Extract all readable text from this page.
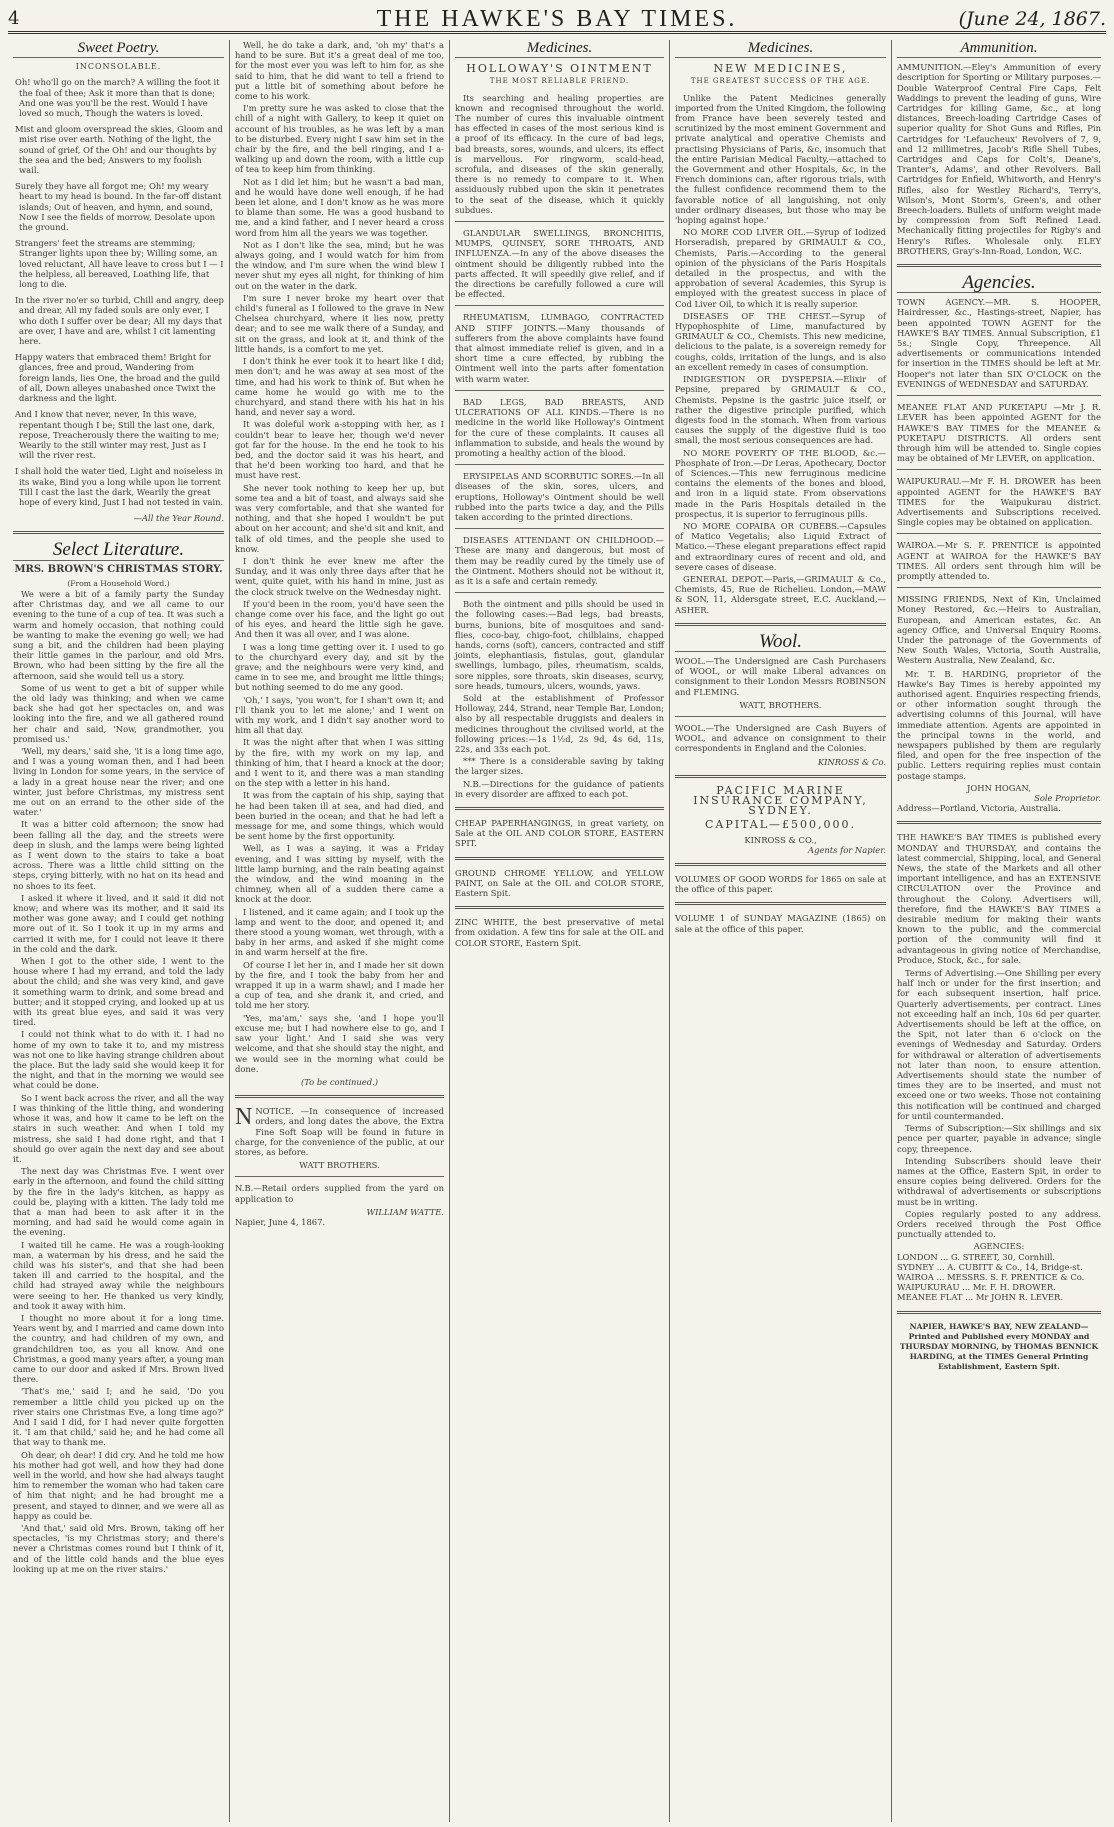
4	THE HAWKE'S BAY TIMES.	(June 24, 1867.
Sweet Poetry.
INCONSOLABLE.

Oh! who'll go on the march? A willing the foot it the foal of thee; Ask it more than that is done; And one was you'll be the rest. Would I have loved so much, Though the waters is loved.

Mist and gloom overspread the skies, Gloom and mist rise over earth. Nothing of the light, the sound of grief, Of the Oh! and our thoughts by the sea and the bed; Answers to my foolish wail.

Surely they have all forgot me; Oh! my weary heart to my head is bound. In the far-off distant islands; Out of heaven, and hymn, and sound, Now I see the fields of morrow, Desolate upon the ground.

Strangers' feet the streams are stemming; Stranger lights upon thee by; Willing some, an loved reluctant, All have leave to cross but I — I the helpless, all bereaved, Loathing life, that long to die.

In the river no'er so turbid, Chill and angry, deep and drear, All my faded souls are only ever, I who doth I suffer over be dear; All my days that are over, I have and are, whilst I cit lamenting here.

Happy waters that embraced them! Bright for glances, free and proud, Wandering from foreign lands, lies One, the broad and the guild of all, Down alleyes unabashed once Twixt the darkness and the light.

And I know that never, never, In this wave, repentant though I be; Still the last one, dark, repose, Treacherously there the waiting to me; Wearily to the still winter may rest, Just as I will the river rest.

I shall hold the water tied, Light and noiseless in its wake, Bind you a long while upon lie torrent Till I cast the last the dark, Wearily the great hope of every kind, Just I had not tested in vain.

—All the Year Round.
Select Literature.
MRS. BROWN'S CHRISTMAS STORY.
(From a Household Word.)

We were a bit of a family party the Sunday after Christmas day, and we all came to our evening to the tune of a cup of tea. It was such a warm and homely occasion, that nothing could be wanting to make the evening go well; we had sung a bit, and the children had been playing their little games in the parlour, and old Mrs. Brown, who had been sitting by the fire all the afternoon, said she would tell us a story.

Some of us went to get a bit of supper while the old lady was thinking; and when we came back she had got her spectacles on, and was looking into the fire, and we all gathered round her chair and said, 'Now, grandmother, you promised us.'

'Well, my dears,' said she, 'it is a long time ago, and I was a young woman then, and I had been living in London for some years, in the service of a lady in a great house near the river; and one winter, just before Christmas, my mistress sent me out on an errand to the other side of the water.'

It was a bitter cold afternoon; the snow had been falling all the day, and the streets were deep in slush, and the lamps were being lighted as I went down to the stairs to take a boat across. There was a little child sitting on the steps, crying bitterly, with no hat on its head and no shoes to its feet.

I asked it where it lived, and it said it did not know; and where was its mother, and it said its mother was gone away; and I could get nothing more out of it. So I took it up in my arms and carried it with me, for I could not leave it there in the cold and the dark.

When I got to the other side, I went to the house where I had my errand, and told the lady about the child; and she was very kind, and gave it something warm to drink, and some bread and butter; and it stopped crying, and looked up at us with its great blue eyes, and said it was very tired.

I could not think what to do with it. I had no home of my own to take it to, and my mistress was not one to like having strange children about the place. But the lady said she would keep it for the night, and that in the morning we would see what could be done.

So I went back across the river, and all the way I was thinking of the little thing, and wondering whose it was, and how it came to be left on the stairs in such weather. And when I told my mistress, she said I had done right, and that I should go over again the next day and see about it.

The next day was Christmas Eve. I went over early in the afternoon, and found the child sitting by the fire in the lady's kitchen, as happy as could be, playing with a kitten. The lady told me that a man had been to ask after it in the morning, and had said he would come again in the evening.

I waited till he came. He was a rough-looking man, a waterman by his dress, and he said the child was his sister's, and that she had been taken ill and carried to the hospital, and the child had strayed away while the neighbours were seeing to her. He thanked us very kindly, and took it away with him.

I thought no more about it for a long time. Years went by, and I married and came down into the country, and had children of my own, and grandchildren too, as you all know. And one Christmas, a good many years after, a young man came to our door and asked if Mrs. Brown lived there.

'That's me,' said I; and he said, 'Do you remember a little child you picked up on the river stairs one Christmas Eve, a long time ago?' And I said I did, for I had never quite forgotten it. 'I am that child,' said he; and he had come all that way to thank me.

Oh dear, oh dear! I did cry. And he told me how his mother had got well, and how they had done well in the world, and how she had always taught him to remember the woman who had taken care of him that night; and he had brought me a present, and stayed to dinner, and we were all as happy as could be.

'And that,' said old Mrs. Brown, taking off her spectacles, 'is my Christmas story; and there's never a Christmas comes round but I think of it, and of the little cold hands and the blue eyes looking up at me on the river stairs.'

Well, he do take a dark, and, 'oh my' that's a hand to be sure. But it's a great deal of me too, for the most ever you was left to him for, as she said to him, that he did want to tell a friend to put a little bit of something about before he come to his work.

I'm pretty sure he was asked to close that the chill of a night with Gallery, to keep it quiet on account of his troubles, as he was left by a man to be disturbed. Every night I saw him set in the chair by the fire, and the bell ringing, and I a-walking up and down the room, with a little cup of tea to keep him from thinking.

Not as I did let him; but he wasn't a bad man, and he would have done well enough, if he had been let alone, and I don't know as he was more to blame than some. He was a good husband to me, and a kind father, and I never heard a cross word from him all the years we was together.

Not as I don't like the sea, mind; but he was always going, and I would watch for him from the window, and I'm sure when the wind blew I never shut my eyes all night, for thinking of him out on the water in the dark.

I'm sure I never broke my heart over that child's funeral as I followed to the grave in New Chelsea churchyard, where it lies now, pretty dear; and to see me walk there of a Sunday, and sit on the grass, and look at it, and think of the little hands, is a comfort to me yet.

I don't think he ever took it to heart like I did; men don't; and he was away at sea most of the time, and had his work to think of. But when he came home he would go with me to the churchyard, and stand there with his hat in his hand, and never say a word.

It was doleful work a-stopping with her, as I couldn't bear to leave her, though we'd never got far for the house. In the end he took to his bed, and the doctor said it was his heart, and that he'd been working too hard, and that he must have rest.

She never took nothing to keep her up, but some tea and a bit of toast, and always said she was very comfortable, and that she wanted for nothing, and that she hoped I wouldn't be put about on her account; and she'd sit and knit, and talk of old times, and the people she used to know.

I don't think he ever knew me after the Sunday, and it was only three days after that he went, quite quiet, with his hand in mine, just as the clock struck twelve on the Wednesday night.

If you'd been in the room, you'd have seen the change come over his face, and the light go out of his eyes, and heard the little sigh he gave. And then it was all over, and I was alone.

I was a long time getting over it. I used to go to the churchyard every day, and sit by the grave; and the neighbours were very kind, and came in to see me, and brought me little things; but nothing seemed to do me any good.

'Oh,' I says, 'you won't, for I shan't own it; and I'll thank you to let me alone;' and I went on with my work, and I didn't say another word to him all that day.

It was the night after that when I was sitting by the fire, with my work on my lap, and thinking of him, that I heard a knock at the door; and I went to it, and there was a man standing on the step with a letter in his hand.

It was from the captain of his ship, saying that he had been taken ill at sea, and had died, and been buried in the ocean; and that he had left a message for me, and some things, which would be sent home by the first opportunity.

Well, as I was a saying, it was a Friday evening, and I was sitting by myself, with the little lamp burning, and the rain beating against the window, and the wind moaning in the chimney, when all of a sudden there came a knock at the door.

I listened, and it came again; and I took up the lamp and went to the door, and opened it; and there stood a young woman, wet through, with a baby in her arms, and asked if she might come in and warm herself at the fire.

Of course I let her in, and I made her sit down by the fire, and I took the baby from her and wrapped it up in a warm shawl; and I made her a cup of tea, and she drank it, and cried, and told me her story.

'Yes, ma'am,' says she, 'and I hope you'll excuse me; but I had nowhere else to go, and I saw your light.' And I said she was very welcome, and that she should stay the night, and we would see in the morning what could be done.

(To be continued.)

NNOTICE. —In consequence of increased orders, and long dates the above, the Extra Fine Soft Soap will be found in future in charge, for the convenience of the public, at our stores, as before.
WATT BROTHERS.
N.B.—Retail orders supplied from the yard on application to
WILLIAM WATTE.
Napier, June 4, 1867.
Medicines.
HOLLOWAY'S OINTMENT
THE MOST RELIABLE FRIEND.

Its searching and healing properties are known and recognised throughout the world. The number of cures this invaluable ointment has effected in cases of the most serious kind is a proof of its efficacy. In the cure of bad legs, bad breasts, sores, wounds, and ulcers, its effect is marvellous. For ringworm, scald-head, scrofula, and diseases of the skin generally, there is no remedy to compare to it. When assiduously rubbed upon the skin it penetrates to the seat of the disease, which it quickly subdues.

GLANDULAR SWELLINGS, BRONCHITIS, MUMPS, QUINSEY, SORE THROATS, AND INFLUENZA.—In any of the above diseases the ointment should be diligently rubbed into the parts affected. It will speedily give relief, and if the directions be carefully followed a cure will be effected.

RHEUMATISM, LUMBAGO, CONTRACTED AND STIFF JOINTS.—Many thousands of sufferers from the above complaints have found that almost immediate relief is given, and in a short time a cure effected, by rubbing the Ointment well into the parts after fomentation with warm water.

BAD LEGS, BAD BREASTS, AND ULCERATIONS OF ALL KINDS.—There is no medicine in the world like Holloway's Ointment for the cure of these complaints. It causes all inflammation to subside, and heals the wound by promoting a healthy action of the blood.

ERYSIPELAS AND SCORBUTIC SORES.—In all diseases of the skin, sores, ulcers, and eruptions, Holloway's Ointment should be well rubbed into the parts twice a day, and the Pills taken according to the printed directions.

DISEASES ATTENDANT ON CHILDHOOD.—These are many and dangerous, but most of them may be readily cured by the timely use of the Ointment. Mothers should not be without it, as it is a safe and certain remedy.

Both the ointment and pills should be used in the following cases:—Bad legs, bad breasts, burns, bunions, bite of mosquitoes and sand-flies, coco-bay, chigo-foot, chilblains, chapped hands, corns (soft), cancers, contracted and stiff joints, elephantiasis, fistulas, gout, glandular swellings, lumbago, piles, rheumatism, scalds, sore nipples, sore throats, skin diseases, scurvy, sore heads, tumours, ulcers, wounds, yaws.

Sold at the establishment of Professor Holloway, 244, Strand, near Temple Bar, London; also by all respectable druggists and dealers in medicines throughout the civilised world, at the following prices:—1s 1½d, 2s 9d, 4s 6d, 11s, 22s, and 33s each pot.

*** There is a considerable saving by taking the larger sizes.

N.B.—Directions for the guidance of patients in every disorder are affixed to each pot.

CHEAP PAPERHANGINGS, in great variety, on Sale at the OIL AND COLOR STORE, EASTERN SPIT.

GROUND CHROME YELLOW, and YELLOW PAINT, on Sale at the OIL and COLOR STORE, Eastern Spit.

ZINC WHITE, the best preservative of metal from oxidation. A few tins for sale at the OIL and COLOR STORE, Eastern Spit.

Medicines.
NEW MEDICINES,
THE GREATEST SUCCESS OF THE AGE.

Unlike the Patent Medicines generally imported from the United Kingdom, the following from France have been severely tested and scrutinized by the most eminent Government and private analytical and operative Chemists and practising Physicians of Paris, &c, insomuch that the entire Parisian Medical Faculty,—attached to the Government and other Hospitals, &c, in the French dominions can, after rigorous trials, with the fullest confidence recommend them to the favorable notice of all languishing, not only under ordinary diseases, but those who may be 'hoping against hope.'

NO MORE COD LIVER OIL.—Syrup of Iodized Horseradish, prepared by GRIMAULT & CO., Chemists, Paris.—According to the general opinion of the physicians of the Paris Hospitals detailed in the prospectus, and with the approbation of several Academies, this Syrup is employed with the greatest success in place of Cod Liver Oil, to which it is really superior.

DISEASES OF THE CHEST.—Syrup of Hypophosphite of Lime, manufactured by GRIMAULT & CO., Chemists. This new medicine, delicious to the palate, is a sovereign remedy for coughs, colds, irritation of the lungs, and is also an excellent remedy in cases of consumption.

INDIGESTION OR DYSPEPSIA.—Elixir of Pepsine, prepared by GRIMAULT & CO., Chemists. Pepsine is the gastric juice itself, or rather the digestive principle purified, which digests food in the stomach. When from various causes the supply of the digestive fluid is too small, the most serious consequences are had.

NO MORE POVERTY OF THE BLOOD, &c.—Phosphate of Iron.—Dr Leras, Apothecary, Doctor of Sciences.—This new ferruginous medicine contains the elements of the bones and blood, and iron in a liquid state. From observations made in the Paris Hospitals detailed in the prospectus, it is superior to ferruginous pills.

NO MORE COPAIBA OR CUBEBS.—Capsules of Matico Vegetalis; also Liquid Extract of Matico.—These elegant preparations effect rapid and extraordinary cures of recent and old, and severe cases of disease.

GENERAL DEPOT.—Paris,—GRIMAULT & Co., Chemists, 45, Rue de Richelieu. London,—MAW & SON, 11, Aldersgate street, E.C. Auckland,—ASHER.

Wool.

WOOL.—The Undersigned are Cash Purchasers of WOOL, or will make Liberal advances on consignment to their London Messrs ROBINSON and FLEMING.

WATT, BROTHERS.

WOOL.—The Undersigned are Cash Buyers of WOOL, and advance on consignment to their correspondents in England and the Colonies.

KINROSS & Co.
PACIFIC MARINE INSURANCE COMPANY, SYDNEY.
CAPITAL—£500,000.
KINROSS & CO.,
Agents for Napier.

VOLUMES OF GOOD WORDS for 1865 on sale at the office of this paper.

VOLUME 1 of SUNDAY MAGAZINE (1865) on sale at the office of this paper.

Ammunition.

AMMUNITION.—Eley's Ammunition of every description for Sporting or Military purposes.—Double Waterproof Central Fire Caps, Felt Waddings to prevent the leading of guns, Wire Cartridges for killing Game, &c., at long distances, Breech-loading Cartridge Cases of superior quality for Shot Guns and Rifles, Pin Cartridges for 'Lefaucheux' Revolvers of 7, 9, and 12 millimetres, Jacob's Rifle Shell Tubes, Cartridges and Caps for Colt's, Deane's, Tranter's, Adams', and other Revolvers. Ball Cartridges for Enfield, Whitworth, and Henry's Rifles, also for Westley Richard's, Terry's, Wilson's, Mont Storm's, Green's, and other Breech-loaders. Bullets of uniform weight made by compression from Soft Refined Lead. Mechanically fitting projectiles for Rigby's and Henry's Rifles. Wholesale only. ELEY BROTHERS, Gray's-Inn-Road, London, W.C.

Agencies.

TOWN AGENCY.—MR. S. HOOPER, Hairdresser, &c., Hastings-street, Napier, has been appointed TOWN AGENT for the HAWKE'S BAY TIMES. Annual Subscription, £1 5s.; Single Copy, Threepence. All advertisements or communications intended for insertion in the TIMES should be left at Mr. Hooper's not later than SIX O'CLOCK on the EVENINGS of WEDNESDAY and SATURDAY.

MEANEE FLAT AND PUKETAPU —Mr J. R. LEVER has been appointed AGENT for the HAWKE'S BAY TIMES for the MEANEE & PUKETAPU DISTRICTS. All orders sent through him will be attended to. Single copies may be obtained of Mr LEVER, on application.

WAIPUKURAU.—Mr F. H. DROWER has been appointed AGENT for the HAWKE'S BAY TIMES for the Waipukurau district. Advertisements and Subscriptions received. Single copies may be obtained on application.

WAIROA.—Mr S. F. PRENTICE is appointed AGENT at WAIROA for the HAWKE'S BAY TIMES. All orders sent through him will be promptly attended to.

MISSING FRIENDS, Next of Kin, Unclaimed Money Restored, &c.—Heirs to Australian, European, and American estates, &c. An agency Office, and Universal Enquiry Rooms. Under the patronage of the Governments of New South Wales, Victoria, South Australia, Western Australia, New Zealand, &c.

Mr. T. B. HARDING, proprietor of the Hawke's Bay Times is hereby appointed my authorised agent. Enquiries respecting friends, or other information sought through the advertising columns of this Journal, will have immediate attention. Agents are appointed in the principal towns in the world, and newspapers published by them are regularly filed, and open for the free inspection of the public. Letters requiring replies must contain postage stamps.

JOHN HOGAN,
Sole Proprietor.
Address—Portland, Victoria, Australia.

THE HAWKE'S BAY TIMES is published every MONDAY and THURSDAY, and contains the latest commercial, Shipping, local, and General News, the state of the Markets and all other important intelligence, and has an EXTENSIVE CIRCULATION over the Province and throughout the Colony. Advertisers will, therefore, find the HAWKE'S BAY TIMES a desirable medium for making their wants known to the public, and the commercial portion of the community will find it advantageous in giving notice of Merchandise, Produce, Stock, &c., for sale.

Terms of Advertising.—One Shilling per every half inch or under for the first insertion; and for each subsequent insertion, half price. Quarterly advertisements, per contract. Lines not exceeding half an inch, 10s 6d per quarter. Advertisements should be left at the office, on the Spit, not later than 6 o'clock on the evenings of Wednesday and Saturday. Orders for withdrawal or alteration of advertisements not later than noon, to ensure attention. Advertisements should state the number of times they are to be inserted, and must not exceed one or two weeks. Those not containing this notification will be continued and charged for until countermanded.

Terms of Subscription:—Six shillings and six pence per quarter, payable in advance; single copy, threepence.

Intending Subscribers should leave their names at the Office, Eastern Spit, in order to ensure copies being delivered. Orders for the withdrawal of advertisements or subscriptions must be in writing.

Copies regularly posted to any address. Orders received through the Post Office punctually attended to.

AGENCIES:
LONDON ... G. STREET, 30, Cornhill.
SYDNEY ... A. CUBITT & Co., 14, Bridge-st.
WAIROA ... MESSRS. S. F. PRENTICE & Co.
WAIPUKURAU ... Mr. F. H. DROWER.
MEANEE FLAT ... Mr JOHN R. LEVER.

NAPIER, HAWKE'S BAY, NEW ZEALAND—Printed and Published every MONDAY and THURSDAY MORNING, by THOMAS BENNICK HARDING, at the TIMES General Printing Establishment, Eastern Spit.
